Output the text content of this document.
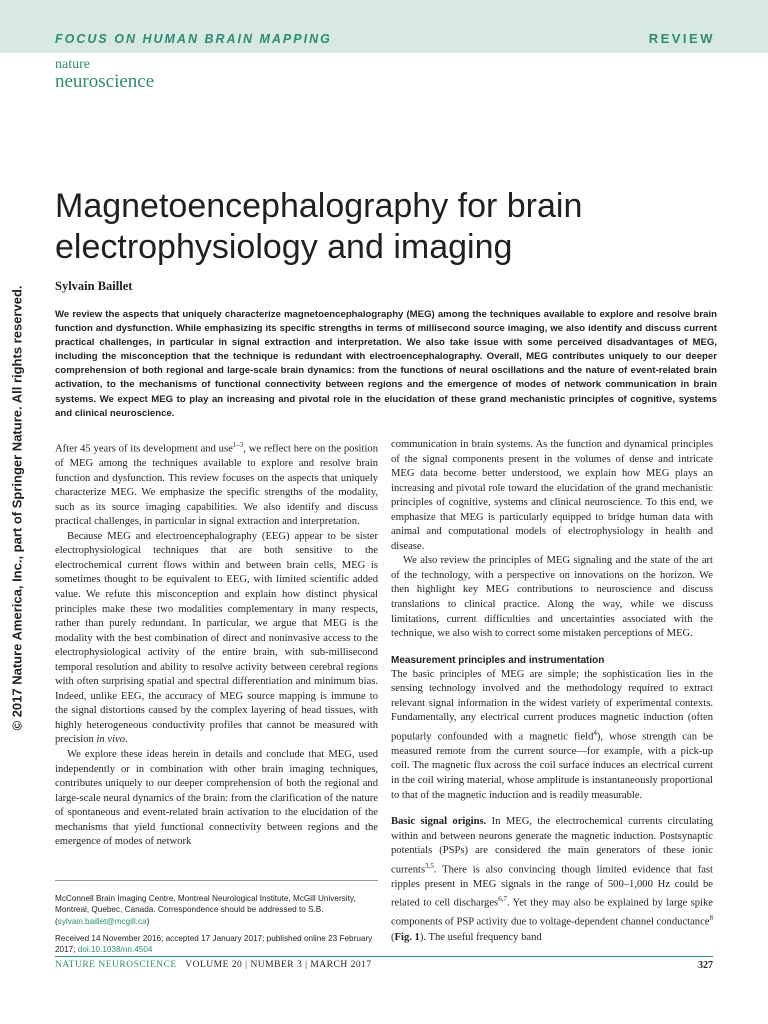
FOCUS ON HUMAN BRAIN MAPPING	REVIEW
nature
neuroscience
© 2017 Nature America, Inc., part of Springer Nature. All rights reserved.
Magnetoencephalography for brain
electrophysiology and imaging
Sylvain Baillet

We review the aspects that uniquely characterize magnetoencephalography (MEG) among the techniques available to explore and resolve brain function and dysfunction. While emphasizing its specific strengths in terms of millisecond source imaging, we also identify and discuss current practical challenges, in particular in signal extraction and interpretation. We also take issue with some perceived disadvantages of MEG, including the misconception that the technique is redundant with electroencephalography. Overall, MEG contributes uniquely to our deeper comprehension of both regional and large-scale brain dynamics: from the functions of neural oscillations and the nature of event-related brain activation, to the mechanisms of functional connectivity between regions and the emergence of modes of network communication in brain systems. We expect MEG to play an increasing and pivotal role in the elucidation of these grand mechanistic principles of cognitive, systems and clinical neuroscience.

After 45 years of its development and use$^{1-3}$, we reflect here on the position of MEG among the techniques available to explore and resolve brain function and dysfunction. This review focuses on the aspects that uniquely characterize MEG. We emphasize the specific strengths of the modality, such as its source imaging capabilities. We also identify and discuss practical challenges, in particular in signal extraction and interpretation.

Because MEG and electroencephalography (EEG) appear to be sister electrophysiological techniques that are both sensitive to the electrochemical current flows within and between brain cells, MEG is sometimes thought to be equivalent to EEG, with limited scientific added value. We refute this misconception and explain how distinct physical principles make these two modalities complementary in many respects, rather than purely redundant. In particular, we argue that MEG is the modality with the best combination of direct and noninvasive access to the electrophysiological activity of the entire brain, with sub-millisecond temporal resolution and ability to resolve activity between cerebral regions with often surprising spatial and spectral differentiation and minimum bias. Indeed, unlike EEG, the accuracy of MEG source mapping is immune to the signal distortions caused by the complex layering of head tissues, with highly heterogeneous conductivity profiles that cannot be measured with precision in vivo.

We explore these ideas herein in details and conclude that MEG, used independently or in combination with other brain imaging techniques, contributes uniquely to our deeper comprehension of both the regional and large-scale neural dynamics of the brain: from the clarification of the nature of spontaneous and event-related brain activation to the elucidation of the mechanisms that yield functional connectivity between regions and the emergence of modes of network

McConnell Brain Imaging Centre, Montreal Neurological Institute, McGill University, Montreal, Quebec, Canada. Correspondence should be addressed to S.B. (sylvain.baillet@mcgill.ca)

Received 14 November 2016; accepted 17 January 2017; published online 23 February 2017; doi:10.1038/nn.4504

communication in brain systems. As the function and dynamical principles of the signal components present in the volumes of dense and intricate MEG data become better understood, we explain how MEG plays an increasing and pivotal role toward the elucidation of the grand mechanistic principles of cognitive, systems and clinical neuroscience. To this end, we emphasize that MEG is particularly equipped to bridge human data with animal and computational models of electrophysiology in health and disease.

We also review the principles of MEG signaling and the state of the art of the technology, with a perspective on innovations on the horizon. We then highlight key MEG contributions to neuroscience and discuss translations to clinical practice. Along the way, while we discuss limitations, current difficulties and uncertainties associated with the technique, we also wish to correct some mistaken perceptions of MEG.

Measurement principles and instrumentation

The basic principles of MEG are simple; the sophistication lies in the sensing technology involved and the methodology required to extract relevant signal information in the widest variety of experimental contexts. Fundamentally, any electrical current produces magnetic induction (often popularly confounded with a magnetic field$^4$), whose strength can be measured remote from the current source—for example, with a pick-up coil. The magnetic flux across the coil surface induces an electrical current in the coil wiring material, whose amplitude is instantaneously proportional to that of the magnetic induction and is readily measurable.

Basic signal origins. In MEG, the electrochemical currents circulating within and between neurons generate the magnetic induction. Postsynaptic potentials (PSPs) are considered the main generators of these ionic currents$^{3,5}$. There is also convincing though limited evidence that fast ripples present in MEG signals in the range of 500–1,000 Hz could be related to cell discharges$^{6,7}$. Yet they may also be explained by large spike components of PSP activity due to voltage-dependent channel conductance$^8$ (Fig. 1). The useful frequency band

NATURE NEUROSCIENCE VOLUME 20 | NUMBER 3 | MARCH 2017	327
